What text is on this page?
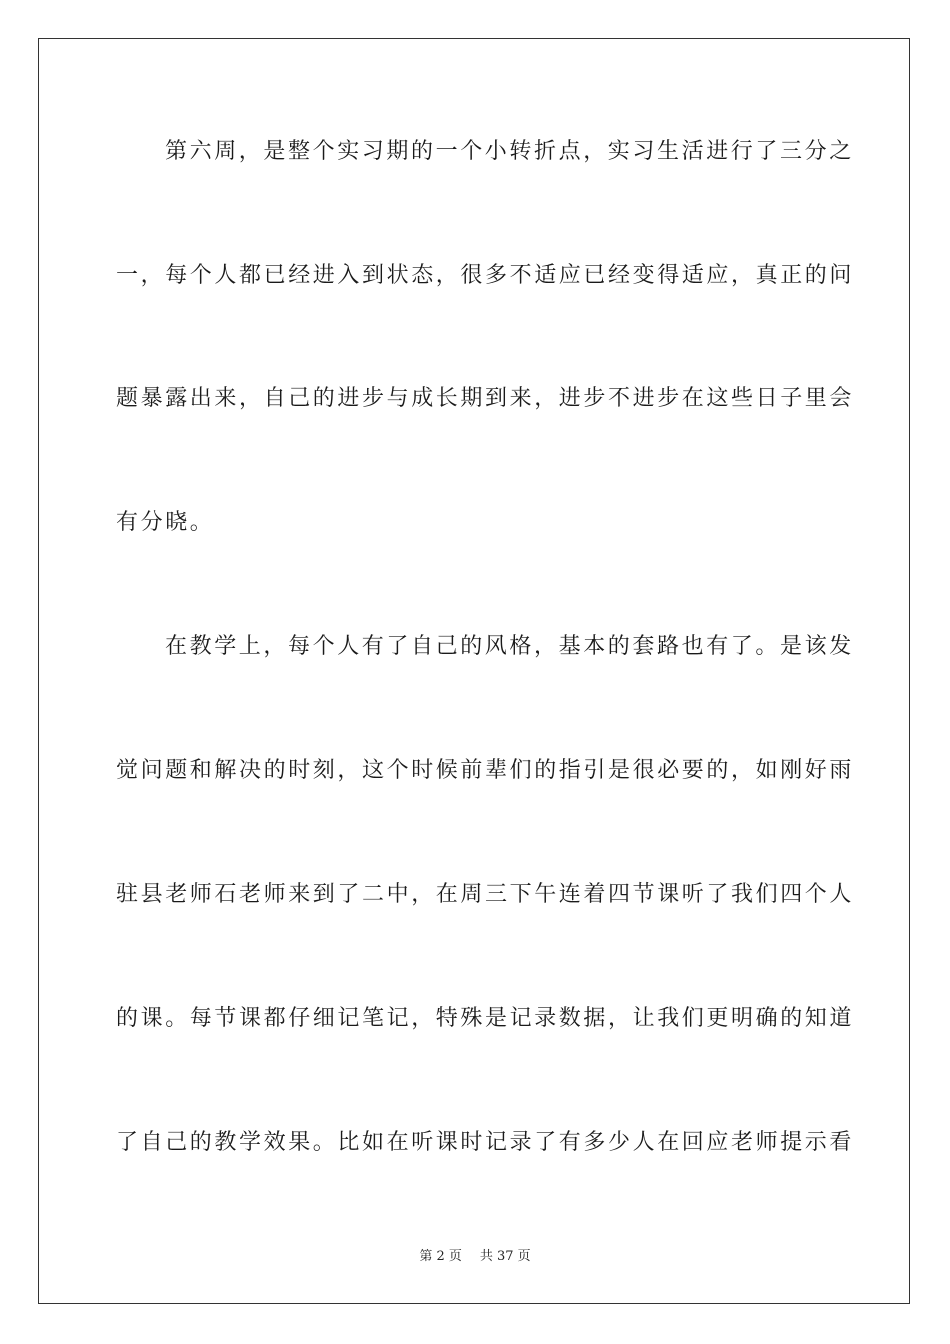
第六周，是整个实习期的一个小转折点，实习生活进行了三分之
一，每个人都已经进入到状态，很多不适应已经变得适应，真正的问
题暴露出来，自己的进步与成长期到来，进步不进步在这些日子里会
有分晓。
在教学上，每个人有了自己的风格，基本的套路也有了。是该发
觉问题和解决的时刻，这个时候前辈们的指引是很必要的，如刚好雨
驻县老师石老师来到了二中，在周三下午连着四节课听了我们四个人
的课。每节课都仔细记笔记，特殊是记录数据，让我们更明确的知道
了自己的教学效果。比如在听课时记录了有多少人在回应老师提示看
第 2 页 共 37 页
